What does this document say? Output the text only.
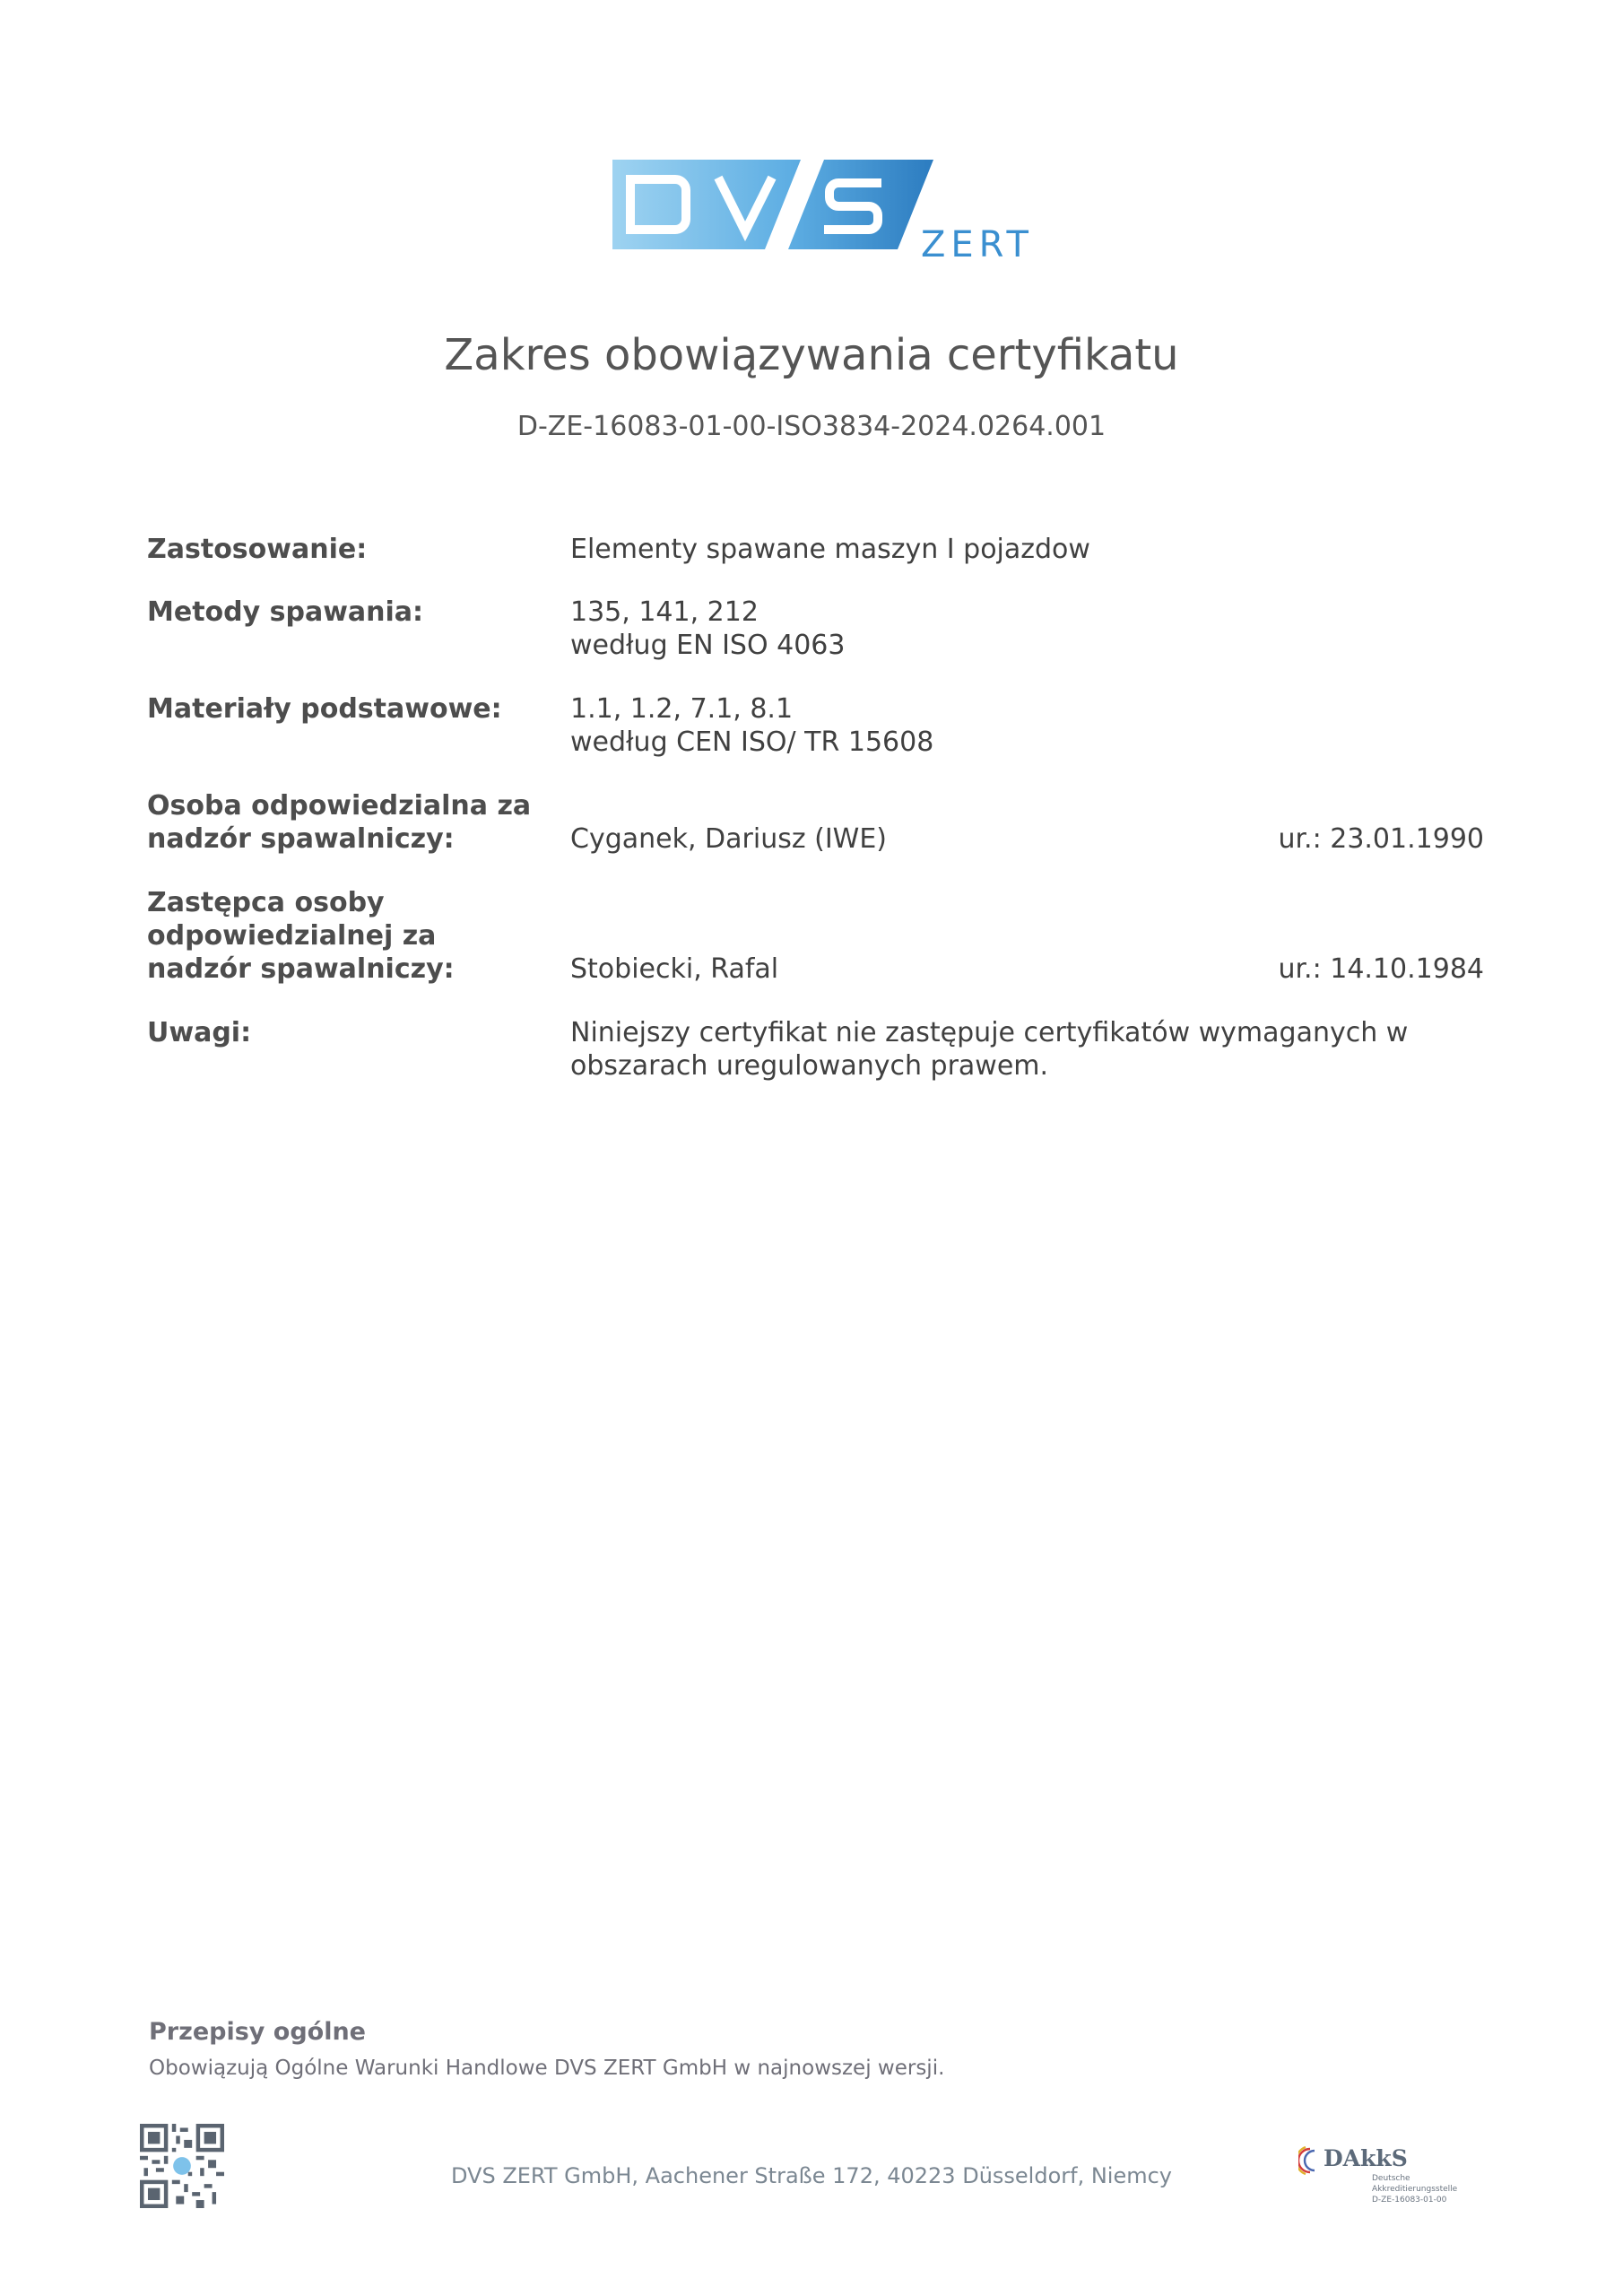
ZERT
Zakres obowiązywania certyfikatu
D-ZE-16083-01-00-ISO3834-2024.0264.001
Zastosowanie:	Elementy spawane maszyn I pojazdow
Metody spawania:	135, 141, 212
według EN ISO 4063
Materiały podstawowe:	1.1, 1.2, 7.1, 8.1
według CEN ISO/ TR 15608
Osoba odpowiedzialna za
nadzór spawalniczy:	Cyganek, Dariusz (IWE)	ur.: 23.01.1990
Zastępca osoby
odpowiedzialnej za
nadzór spawalniczy:	Stobiecki, Rafal	ur.: 14.10.1984
Uwagi:	Niniejszy certyfikat nie zastępuje certyfikatów wymaganych w
obszarach uregulowanych prawem.
Przepisy ogólne
Obowiązują Ogólne Warunki Handlowe DVS ZERT GmbH w najnowszej wersji.
DVS ZERT GmbH, Aachener Straße 172, 40223 Düsseldorf, Niemcy
DAkkS
Deutsche
Akkreditierungsstelle
D-ZE-16083-01-00
